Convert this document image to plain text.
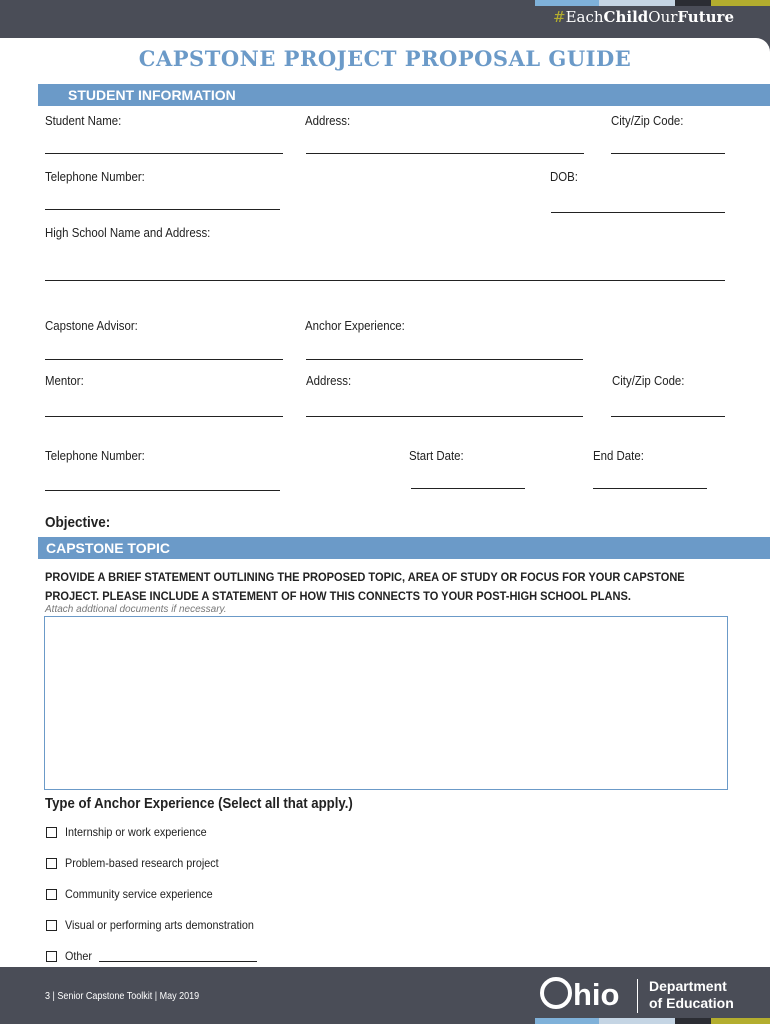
#EachChildOurFuture
CAPSTONE PROJECT PROPOSAL GUIDE
STUDENT INFORMATION
Student Name:	Address:	City/Zip Code:
Telephone Number:	DOB:
High School Name and Address:
Capstone Advisor:	Anchor Experience:
Mentor:	Address:	City/Zip Code:
Telephone Number:	Start Date:	End Date:
Objective:
CAPSTONE TOPIC
PROVIDE A BRIEF STATEMENT OUTLINING THE PROPOSED TOPIC, AREA OF STUDY OR FOCUS FOR YOUR CAPSTONE
PROJECT. PLEASE INCLUDE A STATEMENT OF HOW THIS CONNECTS TO YOUR POST-HIGH SCHOOL PLANS.
Attach addtional documents if necessary.
Type of Anchor Experience (Select all that apply.)
Internship or work experience
Problem-based research project
Community service experience
Visual or performing arts demonstration
Other
3 | Senior Capstone Toolkit | May 2019	hio Department
of Education
